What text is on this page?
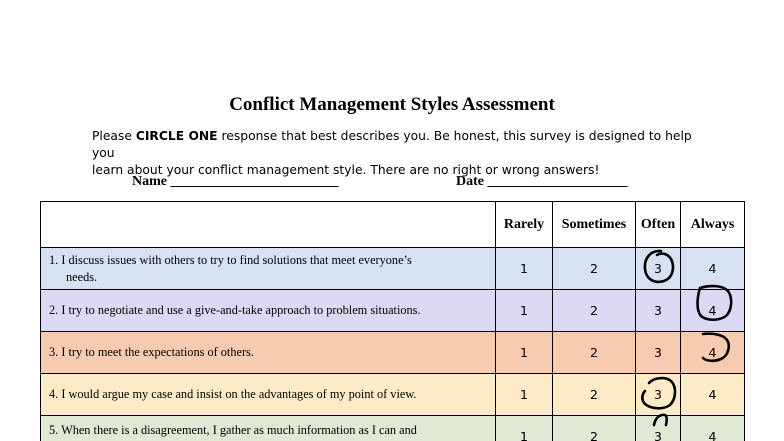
Conflict Management Styles Assessment
Please CIRCLE ONE response that best describes you. Be honest, this survey is designed to help you
learn about your conflict management style. There are no right or wrong answers!
Name ________________________	Date ____________________
	Rarely	Sometimes	Often	Always
1. I discuss issues with others to try to find solutions that meet everyone’s
needs.	1	2	3	4
2. I try to negotiate and use a give-and-take approach to problem situations.	1	2	3	4

3. I try to meet the expectations of others.	1	2	3	4

4. I would argue my case and insist on the advantages of my point of view.	1	2	3	4
5. When there is a disagreement, I gather as much information as I can and	1	2	3	4
